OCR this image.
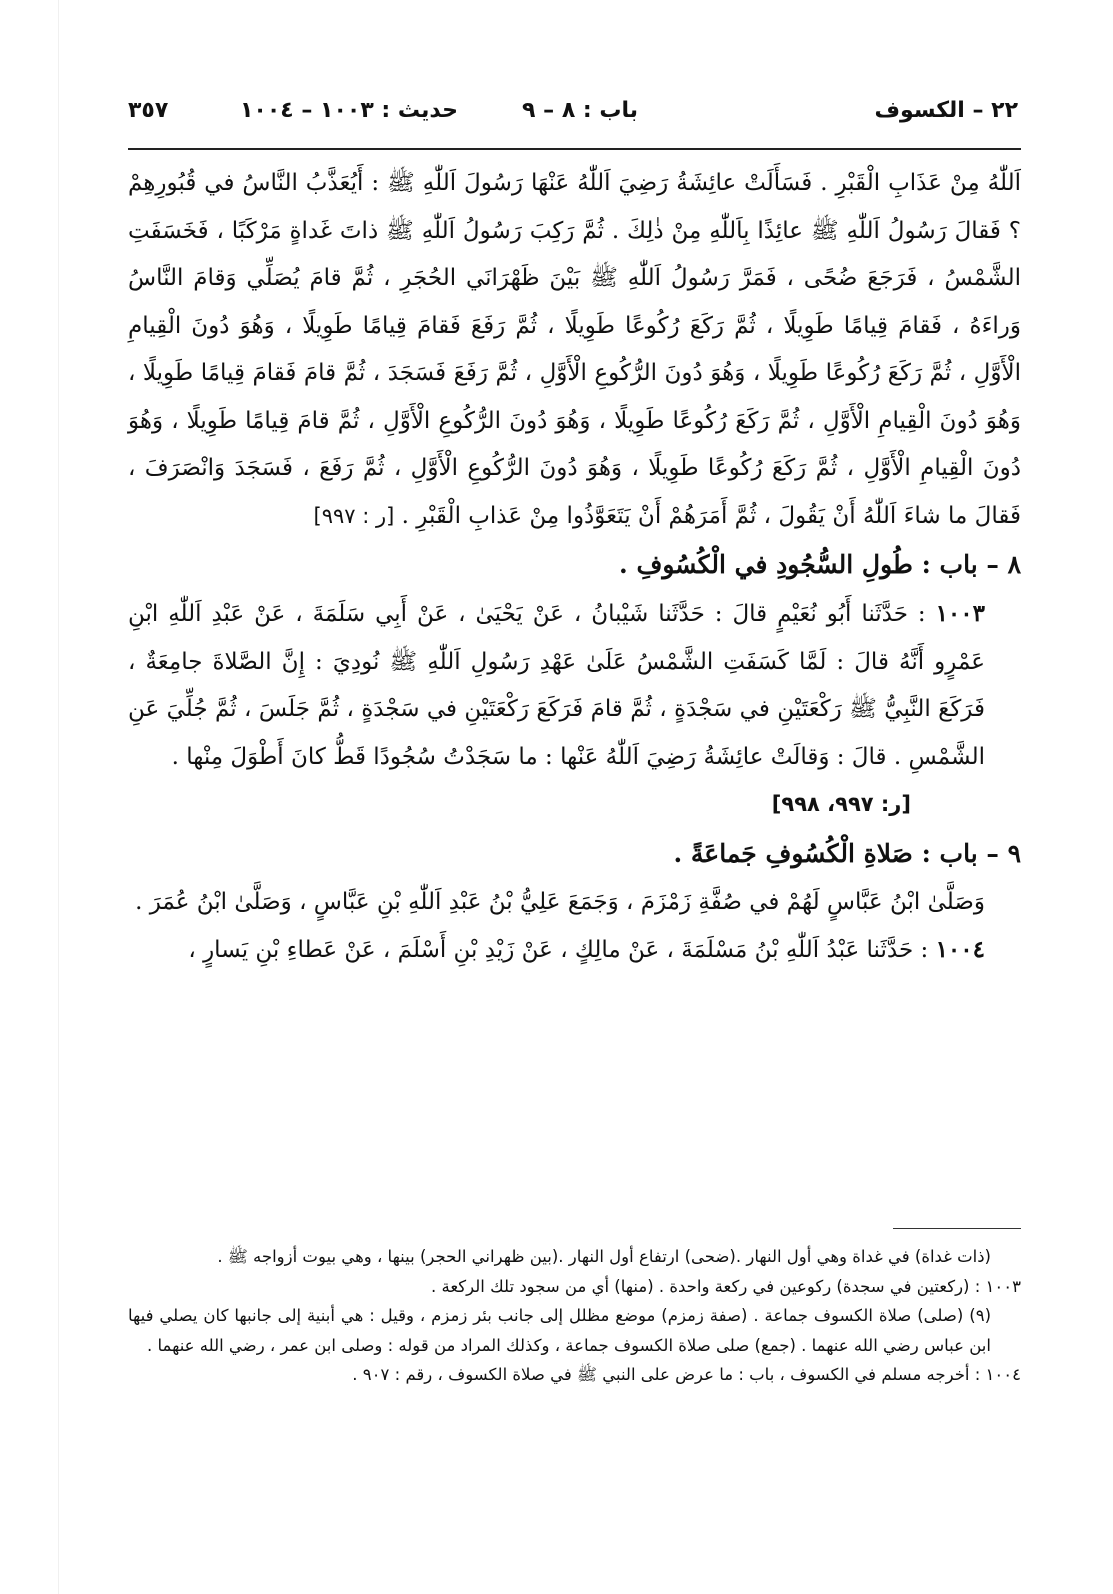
٢٢ – الكسوف
باب : ٨ – ٩
حديث : ١٠٠٣ – ١٠٠٤
٣٥٧

اَللّٰهُ مِنْ عَذَابِ الْقَبْرِ . فَسَأَلَتْ عائِشَةُ رَضِيَ اَللّٰهُ عَنْهَا رَسُولَ اَللّٰهِ ﷺ : أَيُعَذَّبُ النَّاسُ في قُبُورِهِمْ ؟ فَقالَ رَسُولُ اَللّٰهِ ﷺ عائِذًا بِاَللّٰهِ مِنْ ذٰلِكَ . ثُمَّ رَكِبَ رَسُولُ اَللّٰهِ ﷺ ذاتَ غَداةٍ مَرْكَبًا ، فَخَسَفَتِ الشَّمْسُ ، فَرَجَعَ ضُحًى ، فَمَرَّ رَسُولُ اَللّٰهِ ﷺ بَيْنَ ظَهْرَانَي الحُجَرِ ، ثُمَّ قامَ يُصَلِّي وَقامَ النَّاسُ وَراءَهُ ، فَقامَ قِيامًا طَوِيلًا ، ثُمَّ رَكَعَ رُكُوعًا طَوِيلًا ، ثُمَّ رَفَعَ فَقامَ قِيامًا طَوِيلًا ، وَهُوَ دُونَ الْقِيامِ الْأَوَّلِ ، ثُمَّ رَكَعَ رُكُوعًا طَوِيلًا ، وَهُوَ دُونَ الرُّكُوعِ الْأَوَّلِ ، ثُمَّ رَفَعَ فَسَجَدَ ، ثُمَّ قامَ فَقامَ قِيامًا طَوِيلًا ، وَهُوَ دُونَ الْقِيامِ الْأَوَّلِ ، ثُمَّ رَكَعَ رُكُوعًا طَوِيلًا ، وَهُوَ دُونَ الرُّكُوعِ الْأَوَّلِ ، ثُمَّ قامَ قِيامًا طَوِيلًا ، وَهُوَ دُونَ الْقِيامِ الْأَوَّلِ ، ثُمَّ رَكَعَ رُكُوعًا طَوِيلًا ، وَهُوَ دُونَ الرُّكُوعِ الْأَوَّلِ ، ثُمَّ رَفَعَ ، فَسَجَدَ وَانْصَرَفَ ، فَقالَ ما شاءَ اَللّٰهُ أَنْ يَقُولَ ، ثُمَّ أَمَرَهُمْ أَنْ يَتَعَوَّذُوا مِنْ عَذابِ الْقَبْرِ . [ر : ٩٩٧]

٨ – باب : طُولِ السُّجُودِ في الْكُسُوفِ .

١٠٠٣ : حَدَّثَنا أَبُو نُعَيْمٍ قالَ : حَدَّثَنا شَيْبانُ ، عَنْ يَحْيَىٰ ، عَنْ أَبِي سَلَمَةَ ، عَنْ عَبْدِ اَللّٰهِ ابْنِ عَمْرٍو أَنَّهُ قالَ : لَمَّا كَسَفَتِ الشَّمْسُ عَلَىٰ عَهْدِ رَسُولِ اَللّٰهِ ﷺ نُودِيَ : إِنَّ الصَّلاةَ جامِعَةٌ ، فَرَكَعَ النَّبِيُّ ﷺ رَكْعَتَيْنِ في سَجْدَةٍ ، ثُمَّ قامَ فَرَكَعَ رَكْعَتَيْنِ في سَجْدَةٍ ، ثُمَّ جَلَسَ ، ثُمَّ جُلِّيَ عَنِ الشَّمْسِ . قالَ : وَقالَتْ عائِشَةُ رَضِيَ اَللّٰهُ عَنْها : ما سَجَدْتُ سُجُودًا قَطُّ كانَ أَطْوَلَ مِنْها .

[ر: ٩٩٧، ٩٩٨]

٩ – باب : صَلاةِ الْكُسُوفِ جَماعَةً .

وَصَلَّىٰ ابْنُ عَبَّاسٍ لَهُمْ في صُفَّةِ زَمْزَمَ ، وَجَمَعَ عَلِيُّ بْنُ عَبْدِ اَللّٰهِ بْنِ عَبَّاسٍ ، وَصَلَّىٰ ابْنُ عُمَرَ .

١٠٠٤ : حَدَّثَنا عَبْدُ اَللّٰهِ بْنُ مَسْلَمَةَ ، عَنْ مالِكٍ ، عَنْ زَيْدِ بْنِ أَسْلَمَ ، عَنْ عَطاءِ بْنِ يَسارٍ ،

(ذات غداة) في غداة وهي أول النهار .(ضحى) ارتفاع أول النهار .(بين ظهراني الحجر) بينها ، وهي بيوت أزواجه ﷺ .

١٠٠٣ : (ركعتين في سجدة) ركوعين في ركعة واحدة . (منها) أي من سجود تلك الركعة .

(٩) (صلى) صلاة الكسوف جماعة . (صفة زمزم) موضع مظلل إلى جانب بئر زمزم ، وقيل : هي أبنية إلى جانبها كان يصلي فيها ابن عباس رضي الله عنهما . (جمع) صلى صلاة الكسوف جماعة ، وكذلك المراد من قوله : وصلى ابن عمر ، رضي الله عنهما .

١٠٠٤ : أخرجه مسلم في الكسوف ، باب : ما عرض على النبي ﷺ في صلاة الكسوف ، رقم : ٩٠٧ .
